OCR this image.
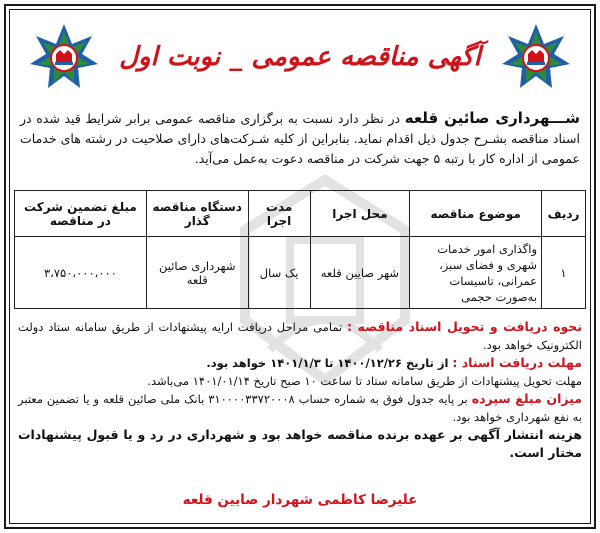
آگهی مناقصه عمومی _ نوبت اول
شـــهرداری صائین قلعه در نظر دارد نسبت به برگزاری مناقصه عمومی برابر شرایط قید شده در اسناد مناقصه بشـرح جدول ذیل اقدام نماید. بنابراین از کلیه شـرکت‌های دارای صلاحیت در رشته های خدمات عمومی از اداره کار با رتبه ۵ جهت شرکت در مناقصه دعوت به‌عمل می‌آید.
ردیف	موضوع مناقصه	محل اجرا	مدت اجرا	دستگاه مناقصه گذار	مبلغ تضمین شرکت در مناقصه
۱	واگذاری امور خدمات شهری و فضای سبز، عمرانی، تاسیسات به‌صورت حجمی	شهر صایین قلعه	یک سال	شهرداری صائین قلعه	۳،۷۵۰،۰۰۰،۰۰۰

نحوه دریافت و تحویل اسناد مناقصه : تمامی مراحل دریافت ارایه پیشنهادات از طریق سامانه ستاد دولت الکترونیک خواهد بود.

مهلت دریافت اسناد : از تاریخ ۱۴۰۰/۱۲/۲۶ تا ۱۴۰۱/۱/۳ خواهد بود.

مهلت تحویل پیشنهادات از طریق سامانه ستاد تا ساعت ۱۰ صبح تاریخ ۱۴۰۱/۰۱/۱۴ می‌باشد.

میزان مبلغ سپرده بر پایه جدول فوق به شماره حساب ۳۱۰۰۰۰۳۳۷۲۰۰۰۸ بانک ملی صائین قلعه و یا تضمین معتبر به نفع شهرداری خواهد بود.

هزینه انتشار آگهی بر عهده برنده مناقصه خواهد بود و شهرداری در رد و یا قبول پیشنهادات مختار است.

علیرضا کاظمی شهردار صایین قلعه
